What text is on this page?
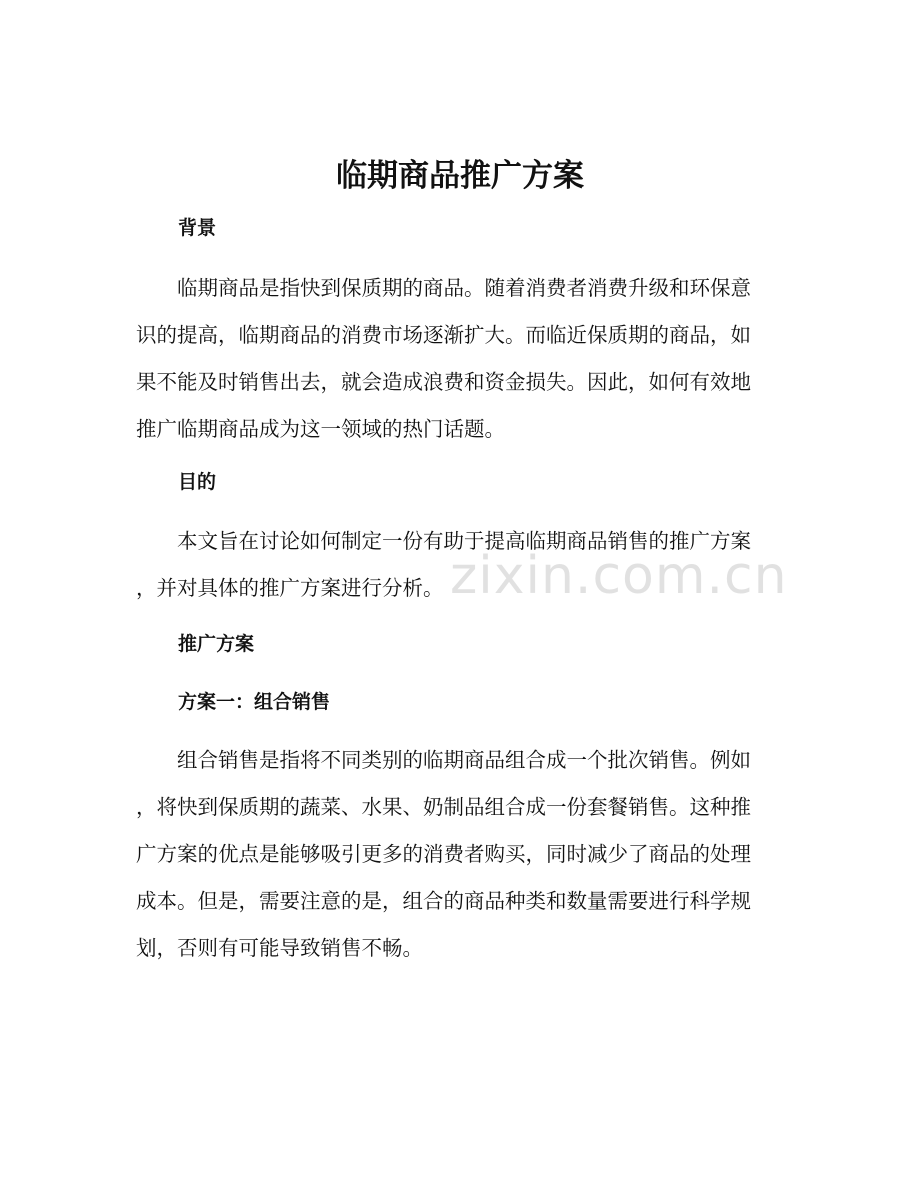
临期商品推广方案
背景

临期商品是指快到保质期的商品。随着消费者消费升级和环保意
识的提高，临期商品的消费市场逐渐扩大。而临近保质期的商品，如
果不能及时销售出去，就会造成浪费和资金损失。因此，如何有效地
推广临期商品成为这一领域的热门话题。

目的

本文旨在讨论如何制定一份有助于提高临期商品销售的推广方案
，并对具体的推广方案进行分析。

推广方案
方案一：组合销售

组合销售是指将不同类别的临期商品组合成一个批次销售。例如
，将快到保质期的蔬菜、水果、奶制品组合成一份套餐销售。这种推
广方案的优点是能够吸引更多的消费者购买，同时减少了商品的处理
成本。但是，需要注意的是，组合的商品种类和数量需要进行科学规
划，否则有可能导致销售不畅。

zixin.com.cn
